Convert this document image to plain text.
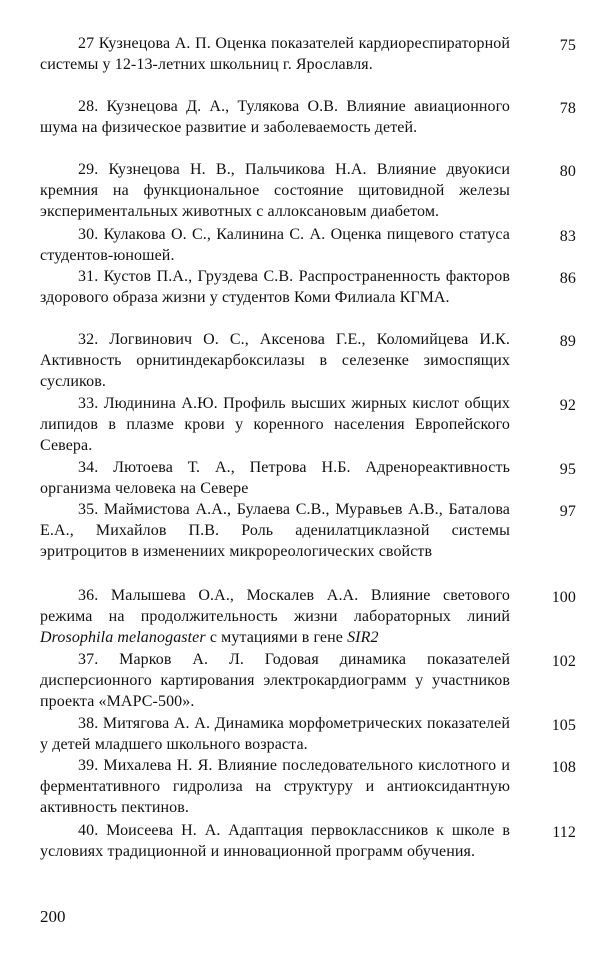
27 Кузнецова А. П. Оценка показателей кардиореспираторной системы у 12-13-летних школьниц г. Ярославля.
75
28. Кузнецова Д. А., Тулякова О.В. Влияние авиационного шума на физическое развитие и заболеваемость детей.
78
29. Кузнецова Н. В., Пальчикова Н.А. Влияние двуокиси кремния на функциональное состояние щитовидной железы экспериментальных животных с аллоксановым диабетом.
80
30. Кулакова О. С., Калинина С. А. Оценка пищевого статуса студентов-юношей.
83
31. Кустов П.А., Груздева С.В. Распространенность факторов здорового образа жизни у студентов Коми Филиала КГМА.
86
32. Логвинович О. С., Аксенова Г.Е., Коломийцева И.К. Активность орнитиндекарбоксилазы в селезенке зимоспящих сусликов.
89
33. Людинина А.Ю. Профиль высших жирных кислот общих липидов в плазме крови у коренного населения Европейского Севера.
92
34. Лютоева Т. А., Петрова Н.Б. Адренореактивность организма человека на Севере
95
35. Маймистова А.А., Булаева С.В., Муравьев А.В., Баталова Е.А., Михайлов П.В. Роль аденилатциклазной системы эритроцитов в изменениих микрореологических свойств
97
36. Малышева О.А., Москалев А.А. Влияние светового режима на продолжительность жизни лабораторных линий Drosophila melanogaster с мутациями в гене SIR2
100
37. Марков А. Л. Годовая динамика показателей дисперсионного картирования электрокардиограмм у участников проекта «МАРС-500».
102
38. Митягова А. А. Динамика морфометрических показателей у детей младшего школьного возраста.
105
39. Михалева Н. Я. Влияние последовательного кислотного и ферментативного гидролиза на структуру и антиоксидантную активность пектинов.
108
40. Моисеева Н. А. Адаптация первоклассников к школе в условиях традиционной и инновационной программ обучения.
112
200
